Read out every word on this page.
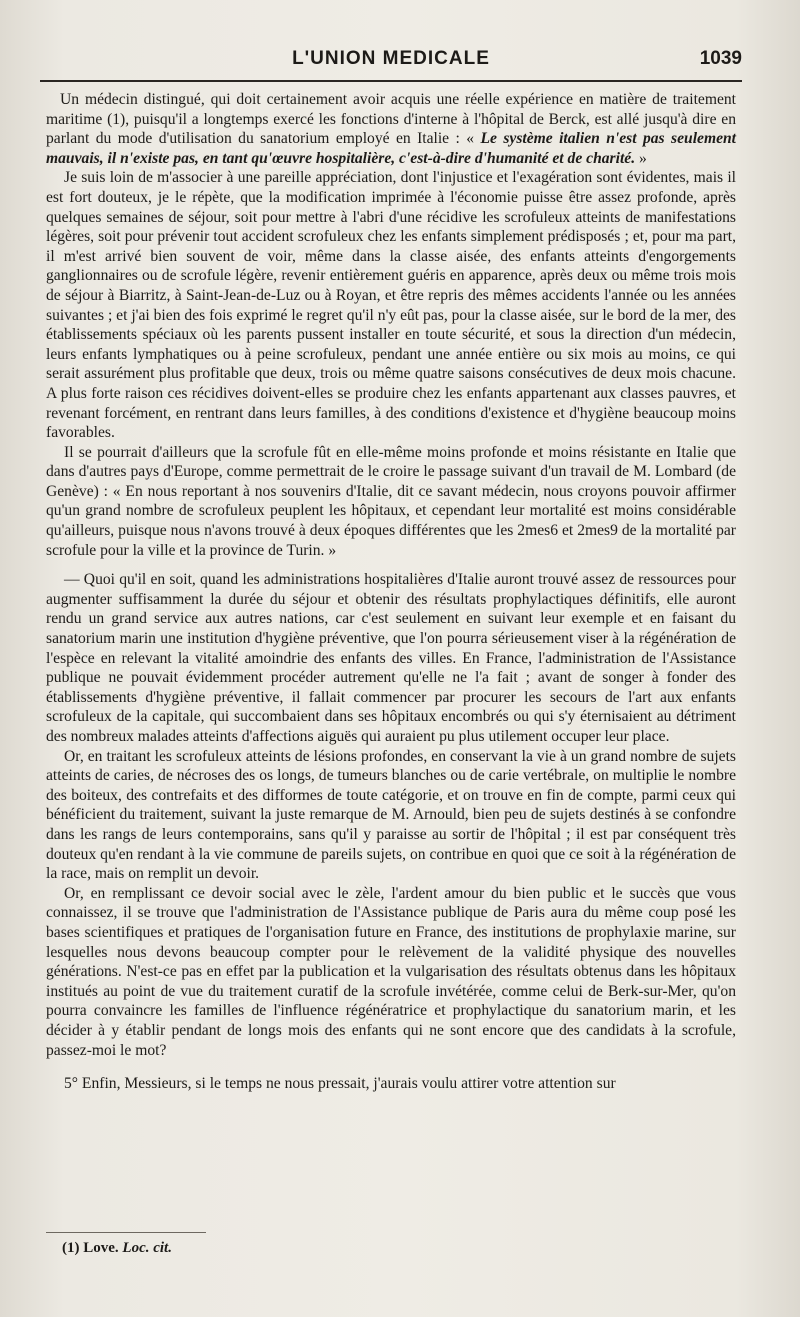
L'UNION MEDICALE	1039

Un médecin distingué, qui doit certainement avoir acquis une réelle expérience en matière de traitement maritime (1), puisqu'il a longtemps exercé les fonctions d'interne à l'hôpital de Berck, est allé jusqu'à dire en parlant du mode d'utilisation du sanatorium employé en Italie : « Le système italien n'est pas seulement mauvais, il n'existe pas, en tant qu'œuvre hospitalière, c'est-à-dire d'humanité et de charité. »

Je suis loin de m'associer à une pareille appréciation, dont l'injustice et l'exagération sont évidentes, mais il est fort douteux, je le répète, que la modification imprimée à l'économie puisse être assez profonde, après quelques semaines de séjour, soit pour mettre à l'abri d'une récidive les scrofuleux atteints de manifestations légères, soit pour prévenir tout accident scrofuleux chez les enfants simplement prédisposés ; et, pour ma part, il m'est arrivé bien souvent de voir, même dans la classe aisée, des enfants atteints d'engorgements ganglionnaires ou de scrofule légère, revenir entièrement guéris en apparence, après deux ou même trois mois de séjour à Biarritz, à Saint-Jean-de-Luz ou à Royan, et être repris des mêmes accidents l'année ou les années suivantes ; et j'ai bien des fois exprimé le regret qu'il n'y eût pas, pour la classe aisée, sur le bord de la mer, des établissements spéciaux où les parents pussent installer en toute sécurité, et sous la direction d'un médecin, leurs enfants lymphatiques ou à peine scrofuleux, pendant une année entière ou six mois au moins, ce qui serait assurément plus profitable que deux, trois ou même quatre saisons consécutives de deux mois chacune. A plus forte raison ces récidives doivent-elles se produire chez les enfants appartenant aux classes pauvres, et revenant forcément, en rentrant dans leurs familles, à des conditions d'existence et d'hygiène beaucoup moins favorables.

Il se pourrait d'ailleurs que la scrofule fût en elle-même moins profonde et moins résistante en Italie que dans d'autres pays d'Europe, comme permettrait de le croire le passage suivant d'un travail de M. Lombard (de Genève) : « En nous reportant à nos souvenirs d'Italie, dit ce savant médecin, nous croyons pouvoir affirmer qu'un grand nombre de scrofuleux peuplent les hôpitaux, et cependant leur mortalité est moins considérable qu'ailleurs, puisque nous n'avons trouvé à deux époques différentes que les 2mes6 et 2mes9 de la mortalité par scrofule pour la ville et la province de Turin. »

— Quoi qu'il en soit, quand les administrations hospitalières d'Italie auront trouvé assez de ressources pour augmenter suffisamment la durée du séjour et obtenir des résultats prophylactiques définitifs, elle auront rendu un grand service aux autres nations, car c'est seulement en suivant leur exemple et en faisant du sanatorium marin une institution d'hygiène préventive, que l'on pourra sérieusement viser à la régénération de l'espèce en relevant la vitalité amoindrie des enfants des villes. En France, l'administration de l'Assistance publique ne pouvait évidemment procéder autrement qu'elle ne l'a fait ; avant de songer à fonder des établissements d'hygiène préventive, il fallait commencer par procurer les secours de l'art aux enfants scrofuleux de la capitale, qui succombaient dans ses hôpitaux encombrés ou qui s'y éternisaient au détriment des nombreux malades atteints d'affections aiguës qui auraient pu plus utilement occuper leur place.

Or, en traitant les scrofuleux atteints de lésions profondes, en conservant la vie à un grand nombre de sujets atteints de caries, de nécroses des os longs, de tumeurs blanches ou de carie vertébrale, on multiplie le nombre des boiteux, des contrefaits et des difformes de toute catégorie, et on trouve en fin de compte, parmi ceux qui bénéficient du traitement, suivant la juste remarque de M. Arnould, bien peu de sujets destinés à se confondre dans les rangs de leurs contemporains, sans qu'il y paraisse au sortir de l'hôpital ; il est par conséquent très douteux qu'en rendant à la vie commune de pareils sujets, on contribue en quoi que ce soit à la régénération de la race, mais on remplit un devoir.

Or, en remplissant ce devoir social avec le zèle, l'ardent amour du bien public et le succès que vous connaissez, il se trouve que l'administration de l'Assistance publique de Paris aura du même coup posé les bases scientifiques et pratiques de l'organisation future en France, des institutions de prophylaxie marine, sur lesquelles nous devons beaucoup compter pour le relèvement de la validité physique des nouvelles générations. N'est-ce pas en effet par la publication et la vulgarisation des résultats obtenus dans les hôpitaux institués au point de vue du traitement curatif de la scrofule invétérée, comme celui de Berk-sur-Mer, qu'on pourra convaincre les familles de l'influence régénératrice et prophylactique du sanatorium marin, et les décider à y établir pendant de longs mois des enfants qui ne sont encore que des candidats à la scrofule, passez-moi le mot?

5° Enfin, Messieurs, si le temps ne nous pressait, j'aurais voulu attirer votre attention sur

(1) Love. Loc. cit.
